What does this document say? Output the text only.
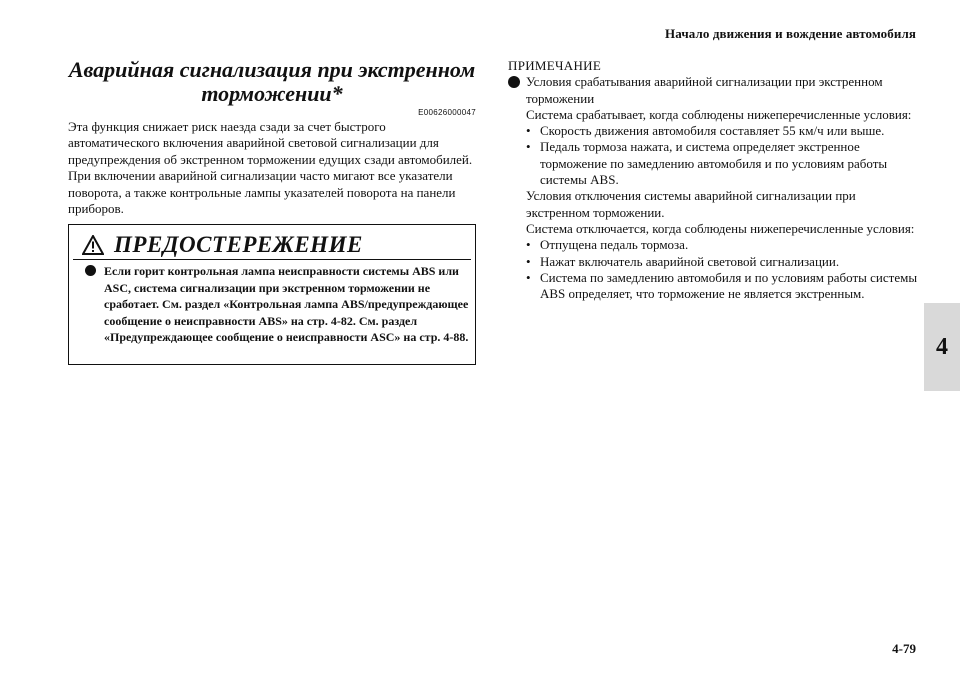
Начало движения и вождение автомобиля
4
Аварийная сигнализация при экстренном торможении*
E00626000047
Эта функция снижает риск наезда сзади за счет быстрого автоматического включения аварийной световой сигнализации для предупреждения об экстренном торможении едущих сзади автомобилей. При включении аварийной сигнализации часто мигают все указатели поворота, а также контрольные лампы указателей поворота на панели приборов.
ПРЕДОСТЕРЕЖЕНИЕ
Если горит контрольная лампа неисправности системы ABS или ASC, система сигнализации при экстренном торможении не сработает. См. раздел «Контрольная лампа ABS/предупреждающее сообщение о неисправности ABS» на стр. 4-82. См. раздел «Предупреждающее сообщение о неисправности ASC» на стр. 4-88.
ПРИМЕЧАНИЕ
Условия срабатывания аварийной сигнализации при экстренном торможении
Система срабатывает, когда соблюдены нижеперечисленные условия:
• Скорость движения автомобиля составляет 55 км/ч или выше.
• Педаль тормоза нажата, и система определяет экстренное торможение по замедлению автомобиля и по условиям работы системы ABS.
Условия отключения системы аварийной сигнализации при экстренном торможении.
Система отключается, когда соблюдены нижеперечисленные условия:
• Отпущена педаль тормоза.
• Нажат включатель аварийной световой сигнализации.
• Система по замедлению автомобиля и по условиям работы системы ABS определяет, что торможение не является экстренным.
4-79
